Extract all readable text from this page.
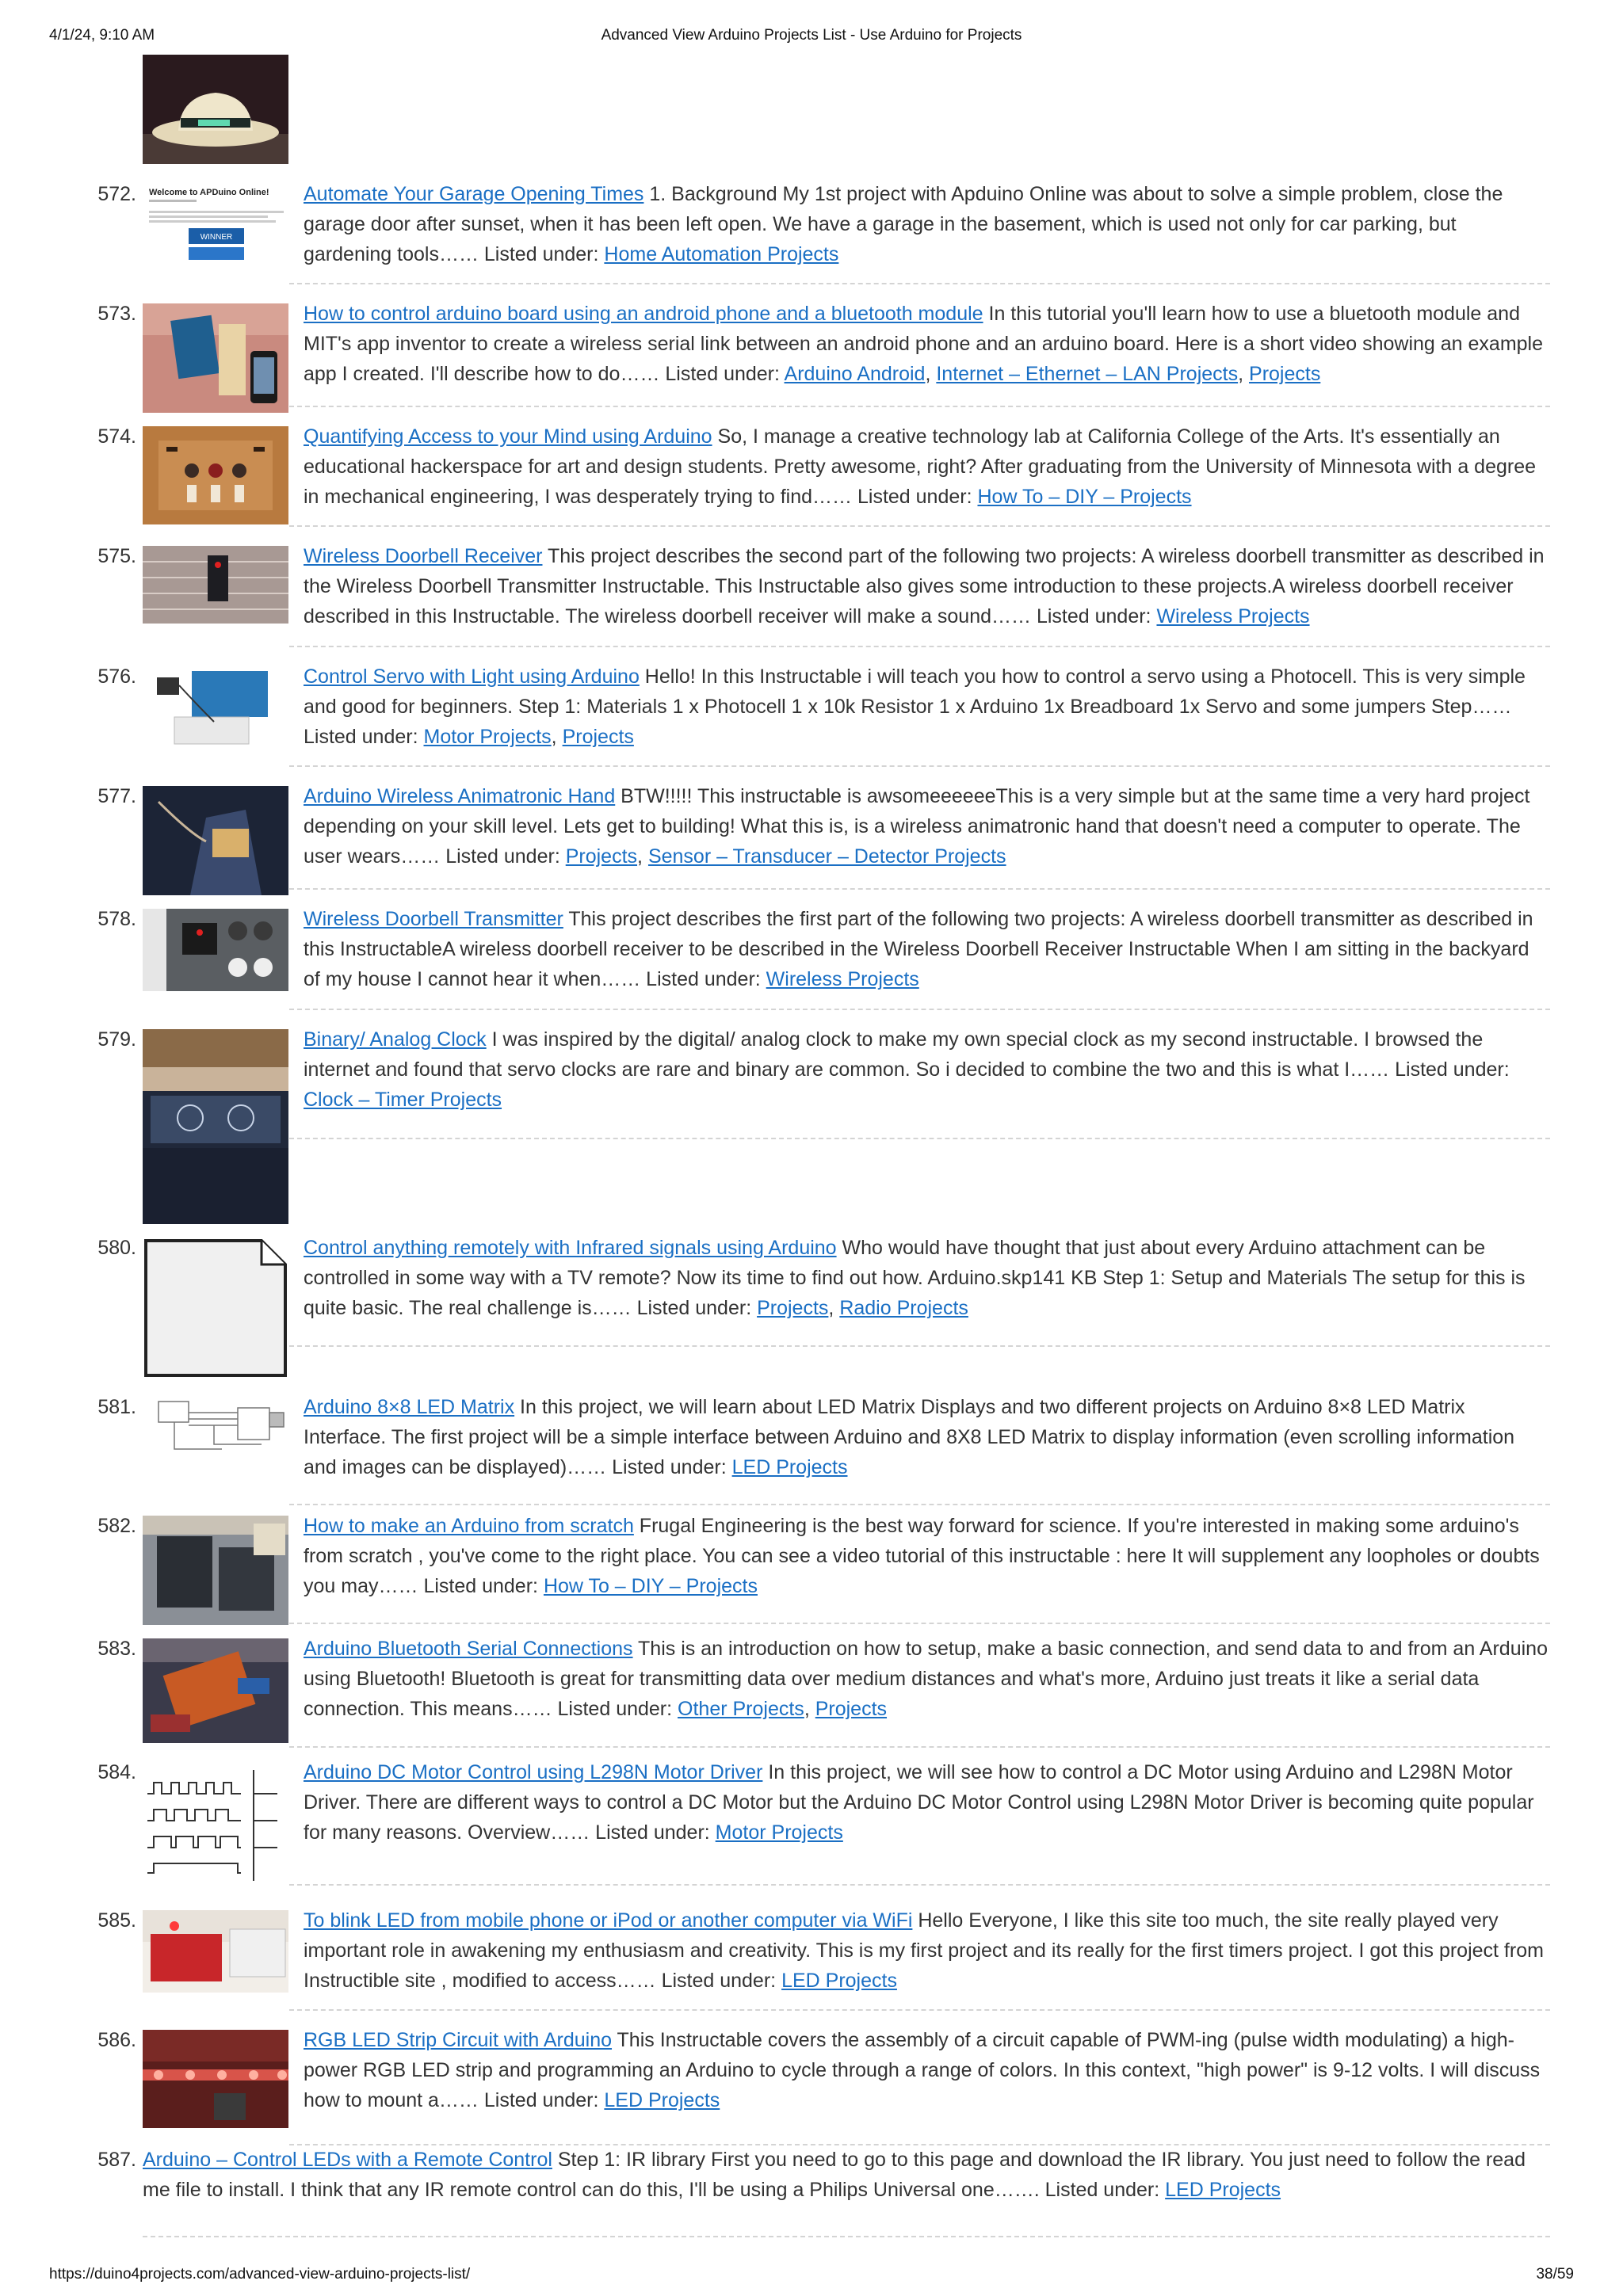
4/1/24, 9:10 AM	Advanced View Arduino Projects List - Use Arduino for Projects
572. Welcome to APDuino Online!
WINNER
Automate Your Garage Opening Times 1. Background My 1st project with Apduino Online was about to solve a simple problem, close the garage door after sunset, when it has been left open. We have a garage in the basement, which is used not only for car parking, but gardening tools…… Listed under: Home Automation Projects
573.	How to control arduino board using an android phone and a bluetooth module In this tutorial you'll learn how to use a bluetooth module and MIT's app inventor to create a wireless serial link between an android phone and an arduino board. Here is a short video showing an example app I created. I'll describe how to do…… Listed under: Arduino Android, Internet – Ethernet – LAN Projects, Projects
574.	Quantifying Access to your Mind using Arduino So, I manage a creative technology lab at California College of the Arts. It's essentially an educational hackerspace for art and design students. Pretty awesome, right? After graduating from the University of Minnesota with a degree in mechanical engineering, I was desperately trying to find…… Listed under: How To – DIY – Projects
575.	Wireless Doorbell Receiver This project describes the second part of the following two projects: A wireless doorbell transmitter as described in the Wireless Doorbell Transmitter Instructable. This Instructable also gives some introduction to these projects.A wireless doorbell receiver described in this Instructable. The wireless doorbell receiver will make a sound…… Listed under: Wireless Projects
576.	Control Servo with Light using Arduino Hello! In this Instructable i will teach you how to control a servo using a Photocell. This is very simple and good for beginners. Step 1: Materials 1 x Photocell 1 x 10k Resistor 1 x Arduino 1x Breadboard 1x Servo and some jumpers Step…… Listed under: Motor Projects, Projects
577.	Arduino Wireless Animatronic Hand BTW!!!!! This instructable is awsomeeeeeeThis is a very simple but at the same time a very hard project depending on your skill level. Lets get to building! What this is, is a wireless animatronic hand that doesn't need a computer to operate. The user wears…… Listed under: Projects, Sensor – Transducer – Detector Projects
578.	Wireless Doorbell Transmitter This project describes the first part of the following two projects: A wireless doorbell transmitter as described in this InstructableA wireless doorbell receiver to be described in the Wireless Doorbell Receiver Instructable When I am sitting in the backyard of my house I cannot hear it when…… Listed under: Wireless Projects
579.	Binary/ Analog Clock I was inspired by the digital/ analog clock to make my own special clock as my second instructable. I browsed the internet and found that servo clocks are rare and binary are common. So i decided to combine the two and this is what I…… Listed under: Clock – Timer Projects
580.	Control anything remotely with Infrared signals using Arduino Who would have thought that just about every Arduino attachment can be controlled in some way with a TV remote? Now its time to find out how. Arduino.skp141 KB Step 1: Setup and Materials The setup for this is quite basic. The real challenge is…… Listed under: Projects, Radio Projects
581.	Arduino 8×8 LED Matrix In this project, we will learn about LED Matrix Displays and two different projects on Arduino 8×8 LED Matrix Interface. The first project will be a simple interface between Arduino and 8X8 LED Matrix to display information (even scrolling information and images can be displayed)…… Listed under: LED Projects
582.	How to make an Arduino from scratch Frugal Engineering is the best way forward for science. If you're interested in making some arduino's from scratch , you've come to the right place. You can see a video tutorial of this instructable : here It will supplement any loopholes or doubts you may…… Listed under: How To – DIY – Projects
583.	Arduino Bluetooth Serial Connections This is an introduction on how to setup, make a basic connection, and send data to and from an Arduino using Bluetooth! Bluetooth is great for transmitting data over medium distances and what's more, Arduino just treats it like a serial data connection. This means…… Listed under: Other Projects, Projects
584.	Arduino DC Motor Control using L298N Motor Driver In this project, we will see how to control a DC Motor using Arduino and L298N Motor Driver. There are different ways to control a DC Motor but the Arduino DC Motor Control using L298N Motor Driver is becoming quite popular for many reasons. Overview…… Listed under: Motor Projects
585.	To blink LED from mobile phone or iPod or another computer via WiFi Hello Everyone, I like this site too much, the site really played very important role in awakening my enthusiasm and creativity. This is my first project and its really for the first timers project. I got this project from Instructible site , modified to access…… Listed under: LED Projects
586.	RGB LED Strip Circuit with Arduino This Instructable covers the assembly of a circuit capable of PWM-ing (pulse width modulating) a high-power RGB LED strip and programming an Arduino to cycle through a range of colors. In this context, "high power" is 9-12 volts. I will discuss how to mount a…… Listed under: LED Projects
587. Arduino – Control LEDs with a Remote Control Step 1: IR library First you need to go to this page and download the IR library. You just need to follow the read me file to install. I think that any IR remote control can do this, I'll be using a Philips Universal one……. Listed under: LED Projects
https://duino4projects.com/advanced-view-arduino-projects-list/	38/59
